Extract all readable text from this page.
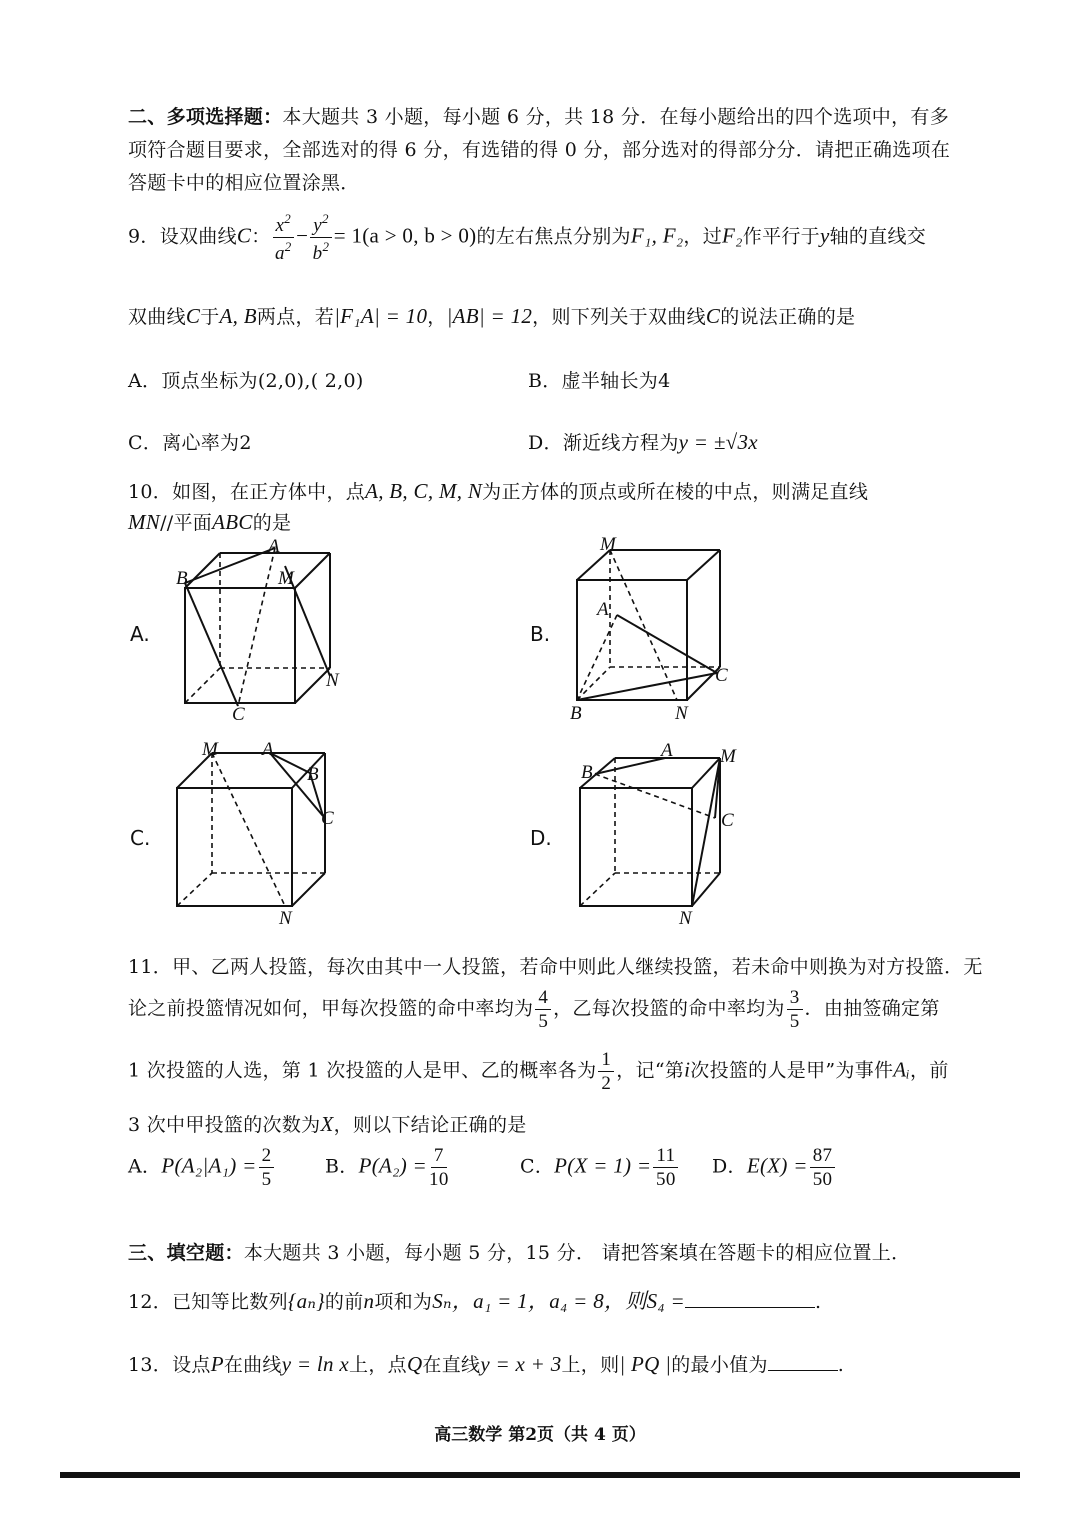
二、多项选择题：本大题共 3 小题，每小题 6 分，共 18 分．在每小题给出的四个选项中，有多
项符合题目要求，全部选对的得 6 分，有选错的得 0 分，部分选对的得部分分．请把正确选项在
答题卡中的相应位置涂黑．
9．设双曲线C： $\frac{x^2}{a^2} - \frac{y^2}{b^2} = 1(a > 0$, b > 0)的左右焦点分别为F₁, F₂，过F₂作平行于y轴的直线交
双曲线C于A, B两点，若|F₁A| = 10，|AB| = 12，则下列关于双曲线C的说法正确的是
A．顶点坐标为(2,0),( 2,0)	B．虚半轴长为4
C．离心率为2	D．渐近线方程为y = ±√3x
10．如图，在正方体中，点A, B, C, M, N为正方体的顶点或所在棱的中点，则满足直线
MN//平面ABC的是
A.	B.
C.	D.
A
B	M
N
C
M
A
C
B	N
M A
B
C
N
B
A M
C
N
11．甲、乙两人投篮，每次由其中一人投篮，若命中则此人继续投篮，若未命中则换为对方投篮．无
论之前投篮情况如何，甲每次投篮的命中率均为 $\frac{4}{5}$ ，乙每次投篮的命中率均为 $\frac{3}{5}$ ．由抽签确定第
1 次投篮的人选，第 1 次投篮的人是甲、乙的概率各为 $\frac{1}{2}$ ，记“第i次投篮的人是甲”为事件Aᵢ，前
3 次中甲投篮的次数为X，则以下结论正确的是
A．$P(A_2|A_1) = \frac{2}{5}$	B．$P(A_2) = \frac{7}{10}$	C．$P(X = 1) = \frac{11}{50}$ D．$E(X) = \frac{87}{50}$
三、填空题：本大题共 3 小题，每小题 5 分，15 分． 请把答案填在答题卡的相应位置上．
12．已知等比数列{aₙ}的前n项和为Sₙ，a₁ = 1，a₄ = 8，则S₄ =	.
13．设点P在曲线y = ln x上，点Q在直线y = x + 3上，则| PQ |的最小值为	.
高三数学 第2页（共 4 页）
